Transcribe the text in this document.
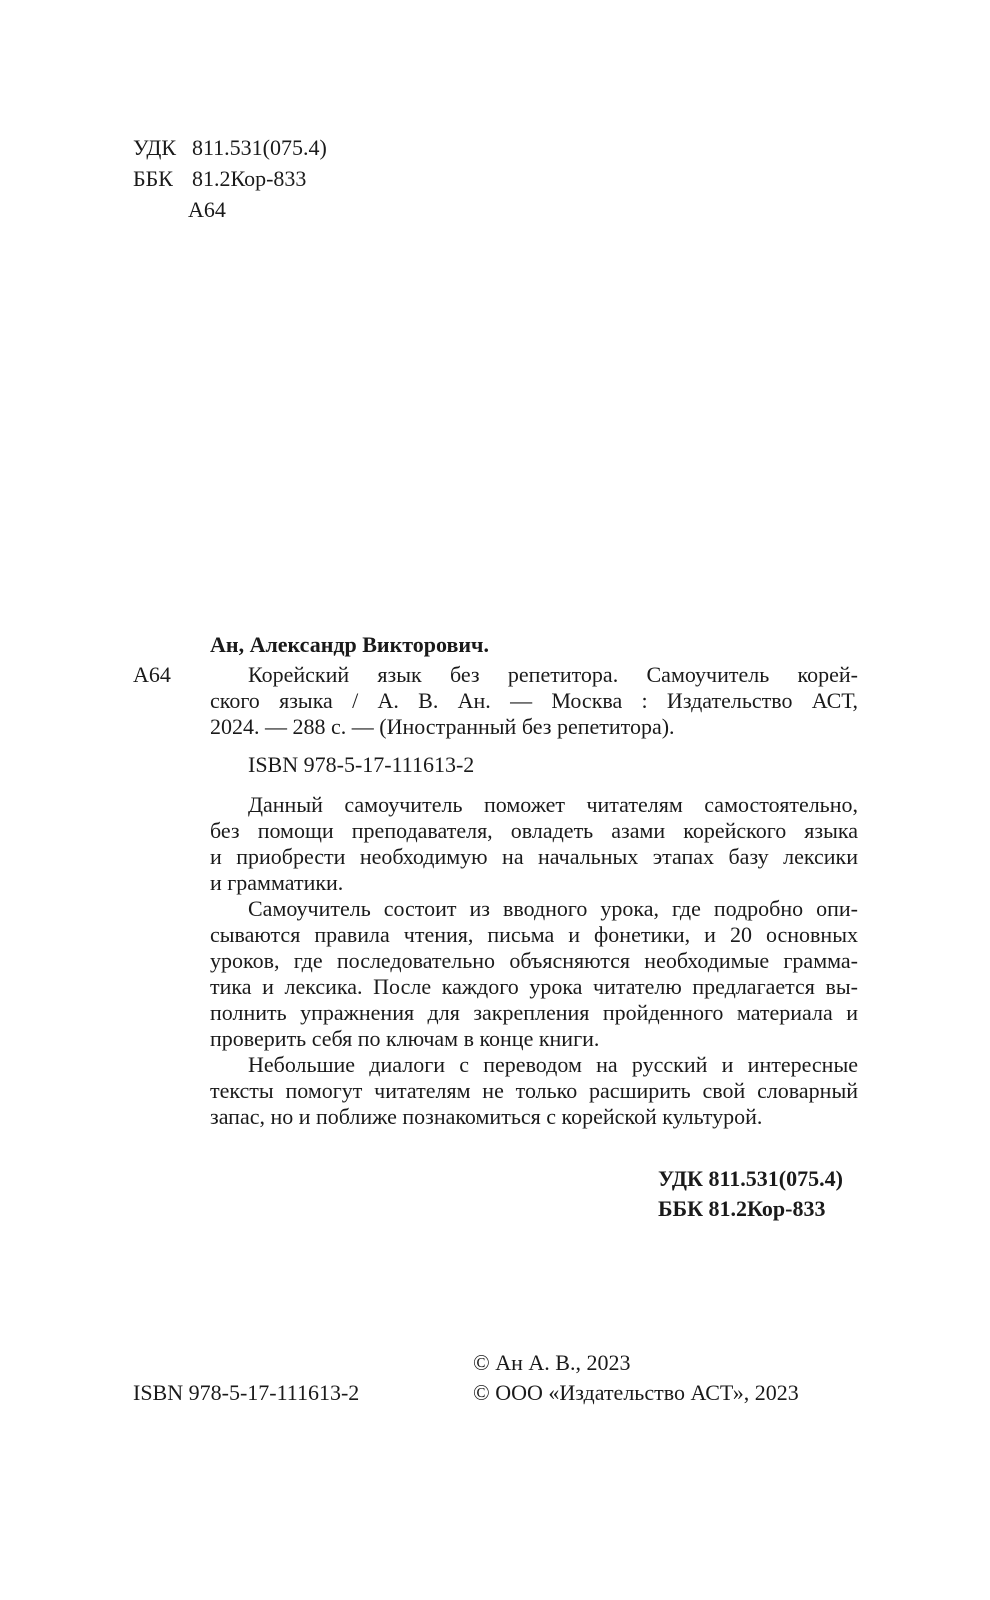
УДК 811.531(075.4)
ББК 81.2Кор-833
А64
Ан, Александр Викторович.
А64	Корейский язык без репетитора. Самоучитель корей-
ского языка / А. В. Ан. — Москва : Издательство АСТ,
2024. — 288 с. — (Иностранный без репетитора).
ISBN 978-5-17-111613-2
Данный самоучитель поможет читателям самостоятельно,
без помощи преподавателя, овладеть азами корейского языка
и приобрести необходимую на начальных этапах базу лексики
и грамматики.
Самоучитель состоит из вводного урока, где подробно опи-
сываются правила чтения, письма и фонетики, и 20 основных
уроков, где последовательно объясняются необходимые грамма-
тика и лексика. После каждого урока читателю предлагается вы-
полнить упражнения для закрепления пройденного материала и
проверить себя по ключам в конце книги.
Небольшие диалоги с переводом на русский и интересные
тексты помогут читателям не только расширить свой словарный
запас, но и поближе познакомиться с корейской культурой.
УДК 811.531(075.4)
ББК 81.2Кор-833
© Ан А. В., 2023
ISBN 978-5-17-111613-2	© ООО «Издательство АСТ», 2023
